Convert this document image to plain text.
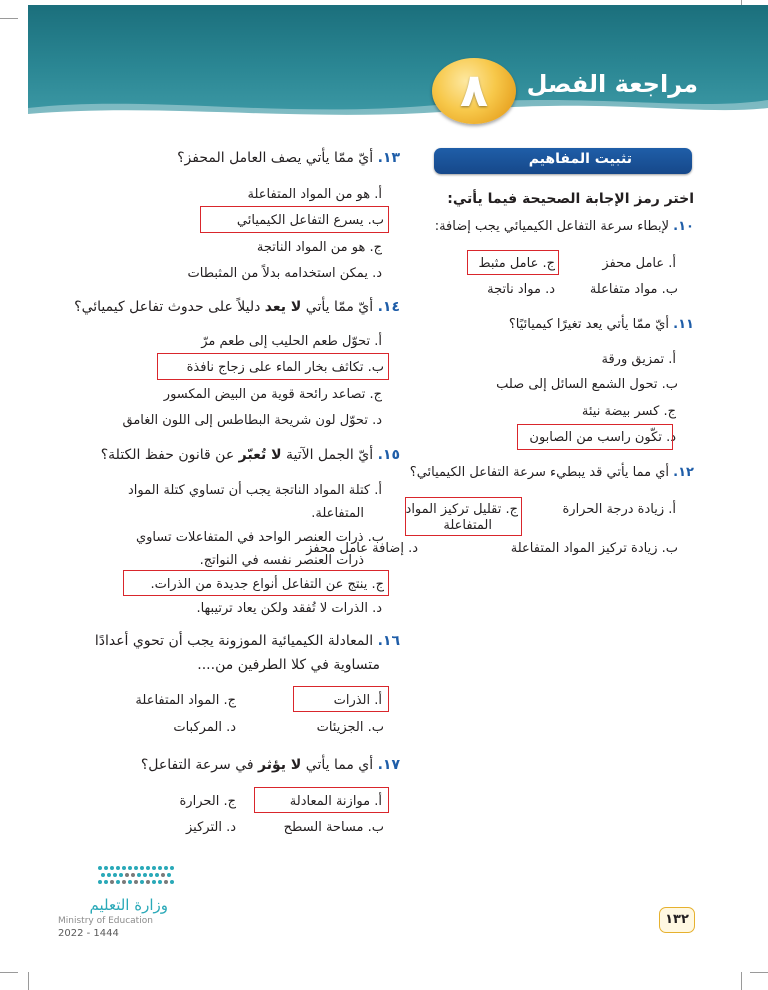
مراجعة الفصل
٨
تثبيت المفاهيم
اختر رمز الإجابة الصحيحة فيما يأتي:
١٠. لإبطاء سرعة التفاعل الكيميائي يجب إضافة:
أ. عامل محفز
ج. عامل مثبط
ب. مواد متفاعلة
د. مواد ناتجة
١١. أيّ ممّا يأتي يعد تغيرًا كيميائيًا؟
أ. تمزيق ورقة
ب. تحول الشمع السائل إلى صلب
ج. كسر بيضة نيئة
د. تكّون راسب من الصابون
١٢. أي مما يأتي قد يبطيء سرعة التفاعل الكيميائي؟
أ. زيادة درجة الحرارة
ج. تقليل تركيز المواد
المتفاعلة
ب. زيادة تركيز المواد المتفاعلة
د. إضافة عامل محفز
١٣. أيّ ممّا يأتي يصف العامل المحفز؟
أ. هو من المواد المتفاعلة
ب. يسرع التفاعل الكيميائي
ج. هو من المواد الناتجة
د. يمكن استخدامه بدلاً من المثبطات
١٤. أيّ ممّا يأتي لا يعد دليلاً على حدوث تفاعل كيميائي؟
أ. تحوّل طعم الحليب إلى طعم مرّ
ب. تكاثف بخار الماء على زجاج نافذة
ج. تصاعد رائحة قوية من البيض المكسور
د. تحوّل لون شريحة البطاطس إلى اللون الغامق
١٥. أيّ الجمل الآتية لا تُعبّر عن قانون حفظ الكتلة؟
أ. كتلة المواد الناتجة يجب أن تساوي كتلة المواد
المتفاعلة.
ب. ذرات العنصر الواحد في المتفاعلات تساوي
ذرات العنصر نفسه في النواتج.
ج. ينتج عن التفاعل أنواع جديدة من الذرات.
د. الذرات لا تُفقد ولكن يعاد ترتيبها.
١٦. المعادلة الكيميائية الموزونة يجب أن تحوي أعدادًا
متساوية في كلا الطرفين من....
أ. الذرات
ج. المواد المتفاعلة
ب. الجزيئات
د. المركبات
١٧. أي مما يأتي لا يؤثر في سرعة التفاعل؟
أ. موازنة المعادلة
ج. الحرارة
ب. مساحة السطح
د. التركيز
وزارة التعليم
Ministry of Education
2022 - 1444
١٣٢
